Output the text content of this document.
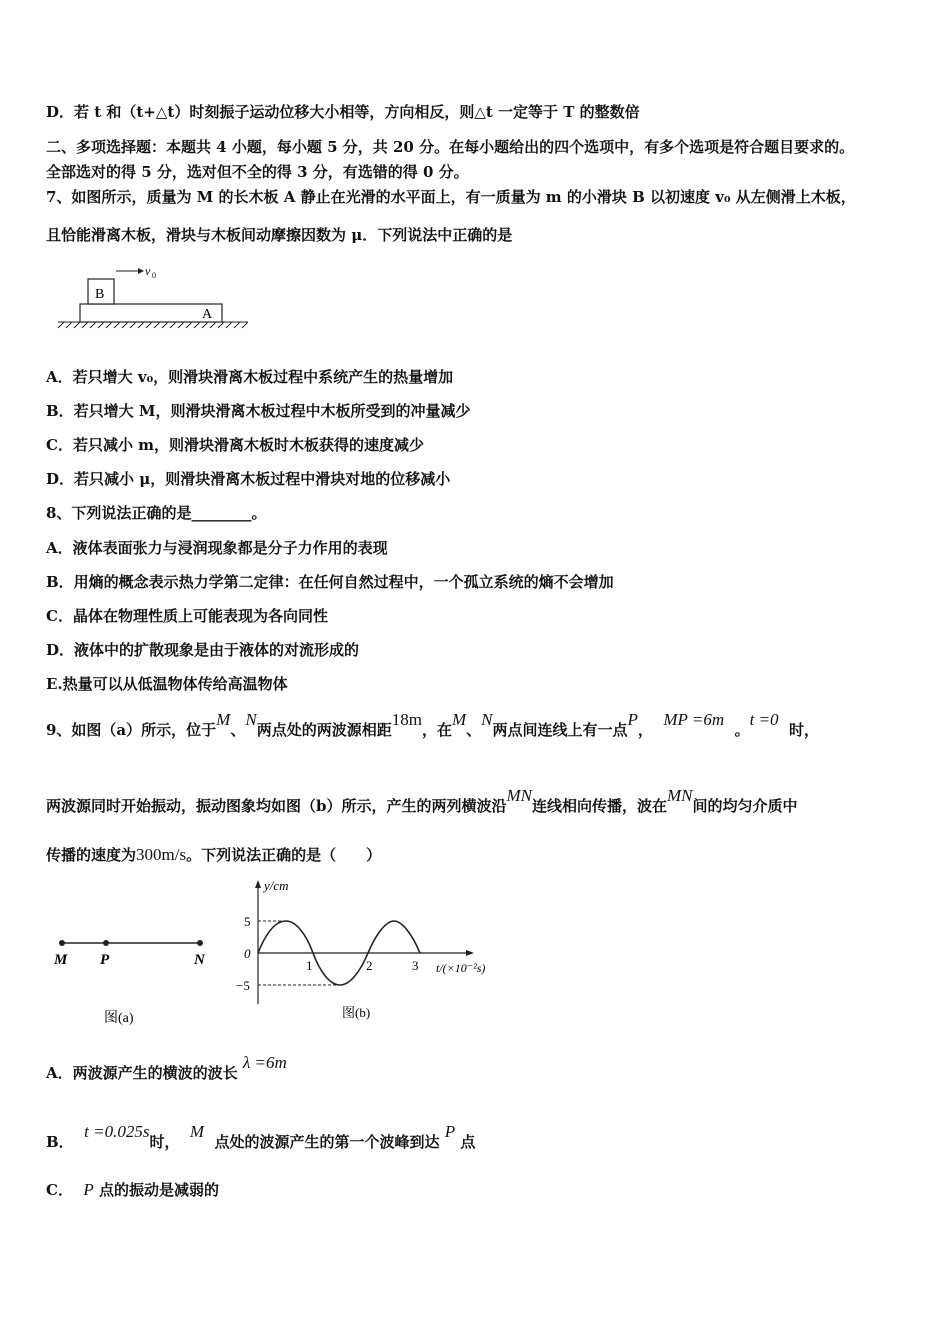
D．若 t 和（t+△t）时刻振子运动位移大小相等，方向相反，则△t 一定等于 T 的整数倍
二、多项选择题：本题共 4 小题，每小题 5 分，共 20 分。在每小题给出的四个选项中，有多个选项是符合题目要求的。
全部选对的得 5 分，选对但不全的得 3 分，有选错的得 0 分。
7、如图所示，质量为 M 的长木板 A 静止在光滑的水平面上，有一质量为 m 的小滑块 B 以初速度 v₀ 从左侧滑上木板，
且恰能滑离木板，滑块与木板间动摩擦因数为 μ．下列说法中正确的是
A
B
v 0
A．若只增大 v₀，则滑块滑离木板过程中系统产生的热量增加
B．若只增大 M，则滑块滑离木板过程中木板所受到的冲量减少
C．若只减小 m，则滑块滑离木板时木板获得的速度减少
D．若只减小 μ，则滑块滑离木板过程中滑块对地的位移减小
8、下列说法正确的是________。
A．液体表面张力与浸润现象都是分子力作用的表现
B．用熵的概念表示热力学第二定律：在任何自然过程中，一个孤立系统的熵不会增加
C．晶体在物理性质上可能表现为各向同性
D．液体中的扩散现象是由于液体的对流形成的
E.热量可以从低温物体传给高温物体
9、如图（a）所示，位于M、N两点处的两波源相距18m，在M、N两点间连线上有一点P，  MP =6m  。t =0  时，
两波源同时开始振动，振动图象均如图（b）所示，产生的两列横波沿MN连线相向传播，波在MN间的均匀介质中
传播的速度为300m/s。下列说法正确的是（　　）
M P	N
图(a)
y/cm
t/(×10⁻²s)
5
0
−5
1	2	3
图(b)
A．两波源产生的横波的波长 λ =6m
B．  t =0.025s时，  M  点处的波源产生的第一个波峰到达 P 点
C． P 点的振动是减弱的
